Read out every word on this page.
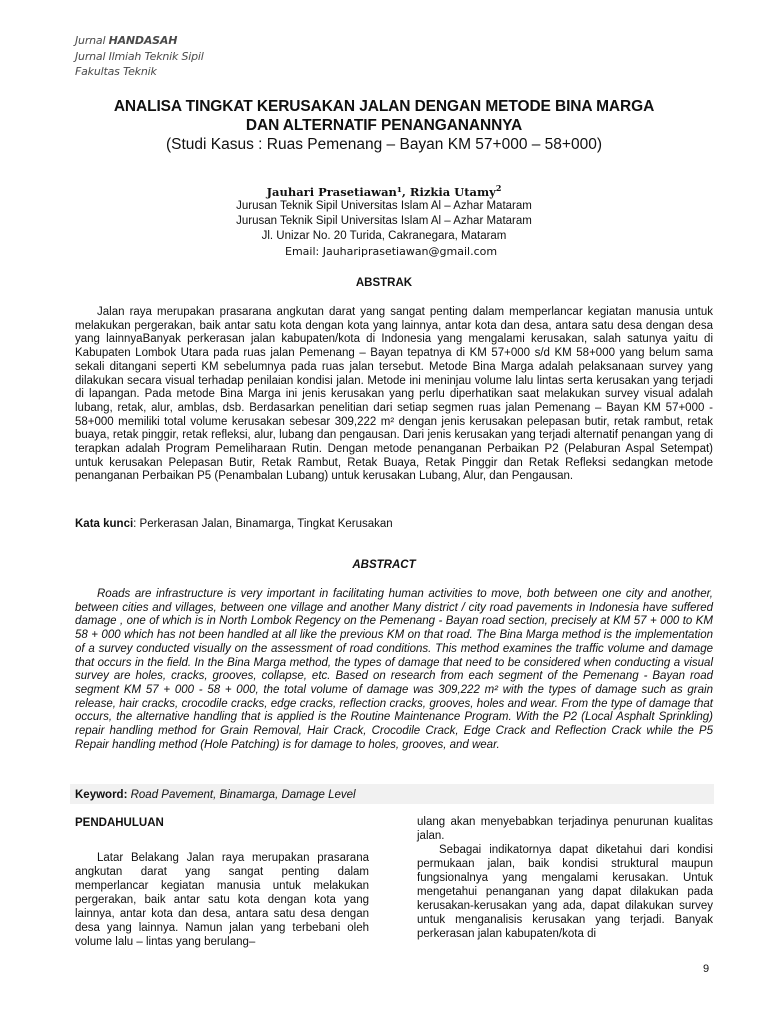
Jurnal HANDASAH
Jurnal Ilmiah Teknik Sipil
Fakultas Teknik
ANALISA TINGKAT KERUSAKAN JALAN DENGAN METODE BINA MARGA
DAN ALTERNATIF PENANGANANNYA
(Studi Kasus : Ruas Pemenang – Bayan KM 57+000 – 58+000)
Jauhari Prasetiawan¹, Rizkia Utamy$^2$
Jurusan Teknik Sipil Universitas Islam Al – Azhar Mataram
Jurusan Teknik Sipil Universitas Islam Al – Azhar Mataram
Jl. Unizar No. 20 Turida, Cakranegara, Mataram
Email: Jauhariprasetiawan@gmail.com
ABSTRAK
Jalan raya merupakan prasarana angkutan darat yang sangat penting dalam memperlancar kegiatan manusia untuk melakukan pergerakan, baik antar satu kota dengan kota yang lainnya, antar kota dan desa, antara satu desa dengan desa yang lainnyaBanyak perkerasan jalan kabupaten/kota di Indonesia yang mengalami kerusakan, salah satunya yaitu di Kabupaten Lombok Utara pada ruas jalan Pemenang – Bayan tepatnya di KM 57+000 s/d KM 58+000 yang belum sama sekali ditangani seperti KM sebelumnya pada ruas jalan tersebut. Metode Bina Marga adalah pelaksanaan survey yang dilakukan secara visual terhadap penilaian kondisi jalan. Metode ini meninjau volume lalu lintas serta kerusakan yang terjadi di lapangan. Pada metode Bina Marga ini jenis kerusakan yang perlu diperhatikan saat melakukan survey visual adalah lubang, retak, alur, amblas, dsb. Berdasarkan penelitian dari setiap segmen ruas jalan Pemenang – Bayan KM 57+000 - 58+000 memiliki total volume kerusakan sebesar 309,222 m² dengan jenis kerusakan pelepasan butir, retak rambut, retak buaya, retak pinggir, retak refleksi, alur, lubang dan pengausan. Dari jenis kerusakan yang terjadi alternatif penangan yang di terapkan adalah Program Pemeliharaan Rutin. Dengan metode penanganan Perbaikan P2 (Pelaburan Aspal Setempat) untuk kerusakan Pelepasan Butir, Retak Rambut, Retak Buaya, Retak Pinggir dan Retak Refleksi sedangkan metode penanganan Perbaikan P5 (Penambalan Lubang) untuk kerusakan Lubang, Alur, dan Pengausan.
Kata kunci: Perkerasan Jalan, Binamarga, Tingkat Kerusakan
ABSTRACT
Roads are infrastructure is very important in facilitating human activities to move, both between one city and another, between cities and villages, between one village and another Many district / city road pavements in Indonesia have suffered damage , one of which is in North Lombok Regency on the Pemenang - Bayan road section, precisely at KM 57 + 000 to KM 58 + 000 which has not been handled at all like the previous KM on that road. The Bina Marga method is the implementation of a survey conducted visually on the assessment of road conditions. This method examines the traffic volume and damage that occurs in the field. In the Bina Marga method, the types of damage that need to be considered when conducting a visual survey are holes, cracks, grooves, collapse, etc. Based on research from each segment of the Pemenang - Bayan road segment KM 57 + 000 - 58 + 000, the total volume of damage was 309,222 m² with the types of damage such as grain release, hair cracks, crocodile cracks, edge cracks, reflection cracks, grooves, holes and wear. From the type of damage that occurs, the alternative handling that is applied is the Routine Maintenance Program. With the P2 (Local Asphalt Sprinkling) repair handling method for Grain Removal, Hair Crack, Crocodile Crack, Edge Crack and Reflection Crack while the P5 Repair handling method (Hole Patching) is for damage to holes, grooves, and wear.
Keyword: Road Pavement, Binamarga, Damage Level
PENDAHULUAN
Latar Belakang Jalan raya merupakan prasarana angkutan darat yang sangat penting dalam memperlancar kegiatan manusia untuk melakukan pergerakan, baik antar satu kota dengan kota yang lainnya, antar kota dan desa, antara satu desa dengan desa yang lainnya. Namun jalan yang terbebani oleh volume lalu – lintas yang berulang–
ulang akan menyebabkan terjadinya penurunan kualitas jalan.
Sebagai indikatornya dapat diketahui dari kondisi permukaan jalan, baik kondisi struktural maupun fungsionalnya yang mengalami kerusakan. Untuk mengetahui penanganan yang dapat dilakukan pada kerusakan-kerusakan yang ada, dapat dilakukan survey untuk menganalisis kerusakan yang terjadi. Banyak perkerasan jalan kabupaten/kota di
9
